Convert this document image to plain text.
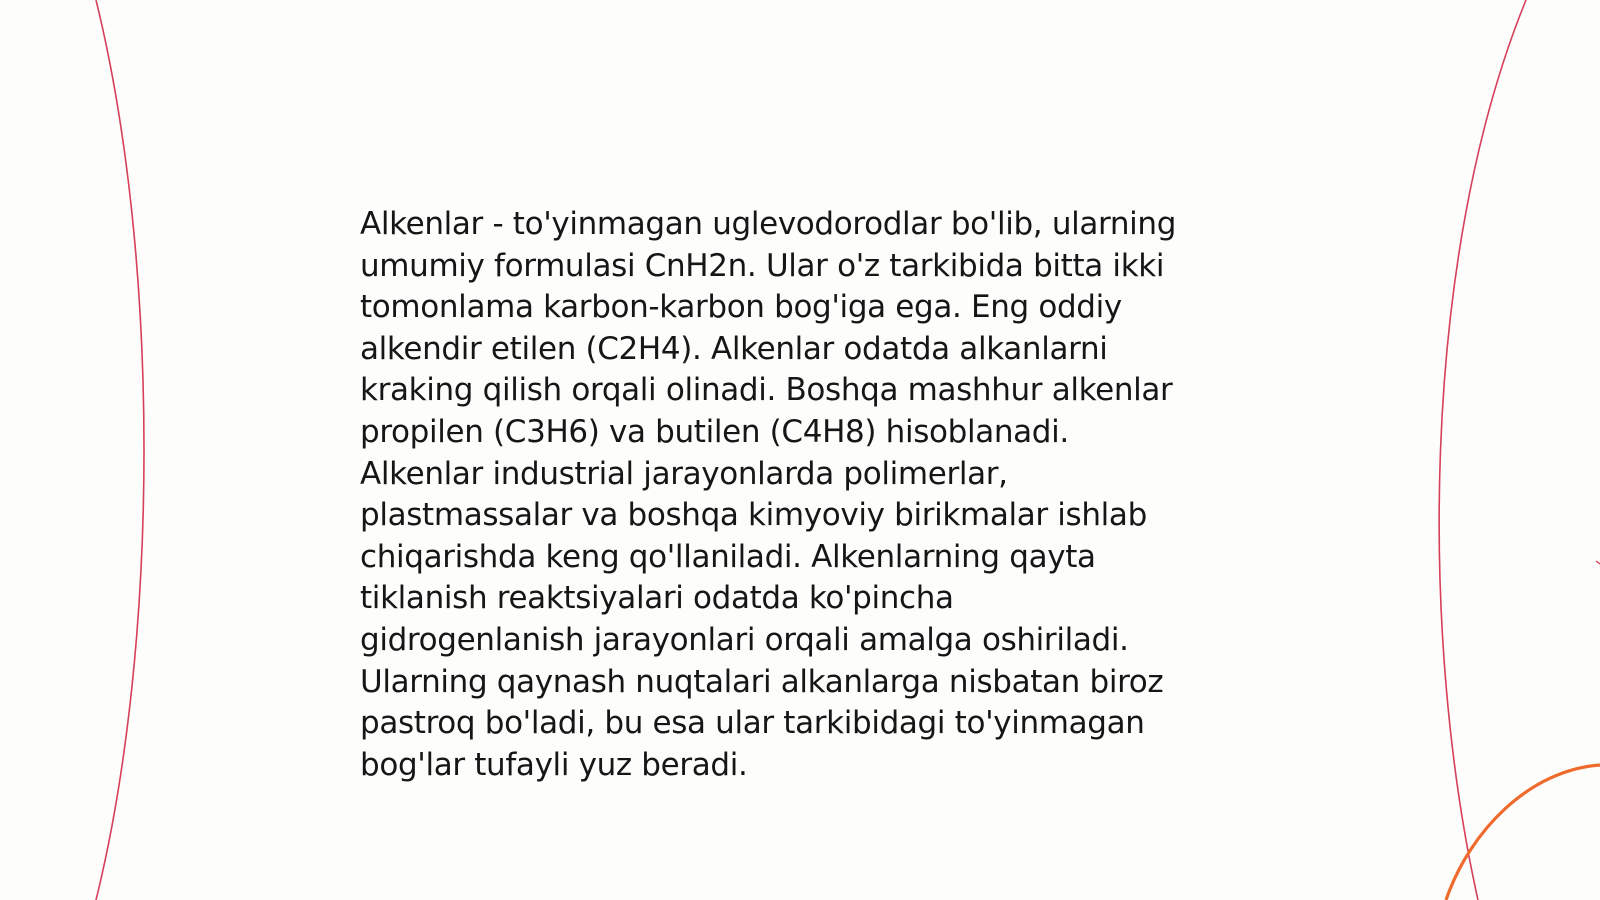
Alkenlar - to'yinmagan uglevodorodlar bo'lib, ularning
umumiy formulasi CnH2n. Ular o'z tarkibida bitta ikki
tomonlama karbon-karbon bog'iga ega. Eng oddiy
alkendir etilen (C2H4). Alkenlar odatda alkanlarni
kraking qilish orqali olinadi. Boshqa mashhur alkenlar
propilen (C3H6) va butilen (C4H8) hisoblanadi.
Alkenlar industrial jarayonlarda polimerlar,
plastmassalar va boshqa kimyoviy birikmalar ishlab
chiqarishda keng qo'llaniladi. Alkenlarning qayta
tiklanish reaktsiyalari odatda ko'pincha
gidrogenlanish jarayonlari orqali amalga oshiriladi.
Ularning qaynash nuqtalari alkanlarga nisbatan biroz
pastroq bo'ladi, bu esa ular tarkibidagi to'yinmagan
bog'lar tufayli yuz beradi.
